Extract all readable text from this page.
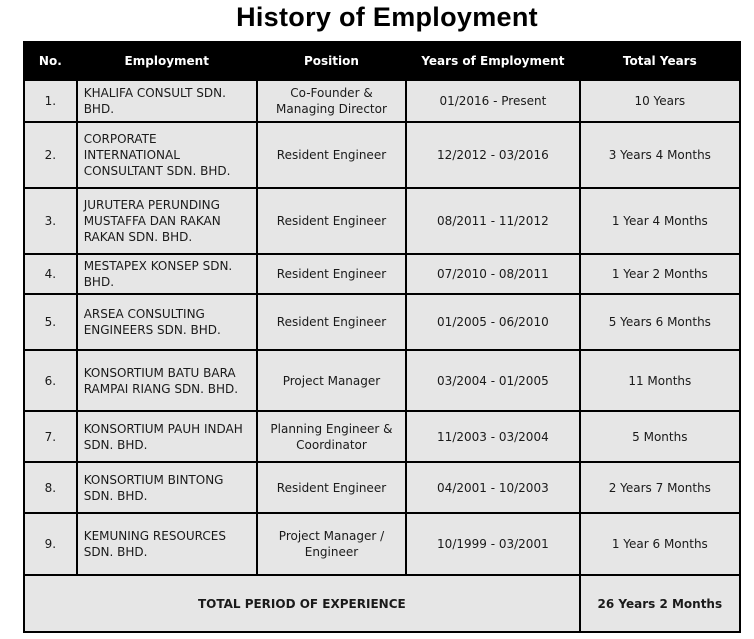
History of Employment
No.	Employment	Position	Years of Employment	Total Years
1.	KHALIFA CONSULT SDN. BHD.	Co-Founder & Managing Director	01/2016 - Present	10 Years
2.	CORPORATE INTERNATIONAL CONSULTANT SDN. BHD.	Resident Engineer	12/2012 - 03/2016	3 Years 4 Months
3.	JURUTERA PERUNDING MUSTAFFA DAN RAKAN RAKAN SDN. BHD.	Resident Engineer	08/2011 - 11/2012	1 Year 4 Months
4.	MESTAPEX KONSEP SDN. BHD.	Resident Engineer	07/2010 - 08/2011	1 Year 2 Months
5.	ARSEA CONSULTING ENGINEERS SDN. BHD.	Resident Engineer	01/2005 - 06/2010	5 Years 6 Months
6.	KONSORTIUM BATU BARA RAMPAI RIANG SDN. BHD.	Project Manager	03/2004 - 01/2005	11 Months
7.	KONSORTIUM PAUH INDAH SDN. BHD.	Planning Engineer & Coordinator	11/2003 - 03/2004	5 Months
8.	KONSORTIUM BINTONG SDN. BHD.	Resident Engineer	04/2001 - 10/2003	2 Years 7 Months
9.	KEMUNING RESOURCES SDN. BHD.	Project Manager / Engineer	10/1999 - 03/2001	1 Year 6 Months
TOTAL PERIOD OF EXPERIENCE				26 Years 2 Months
